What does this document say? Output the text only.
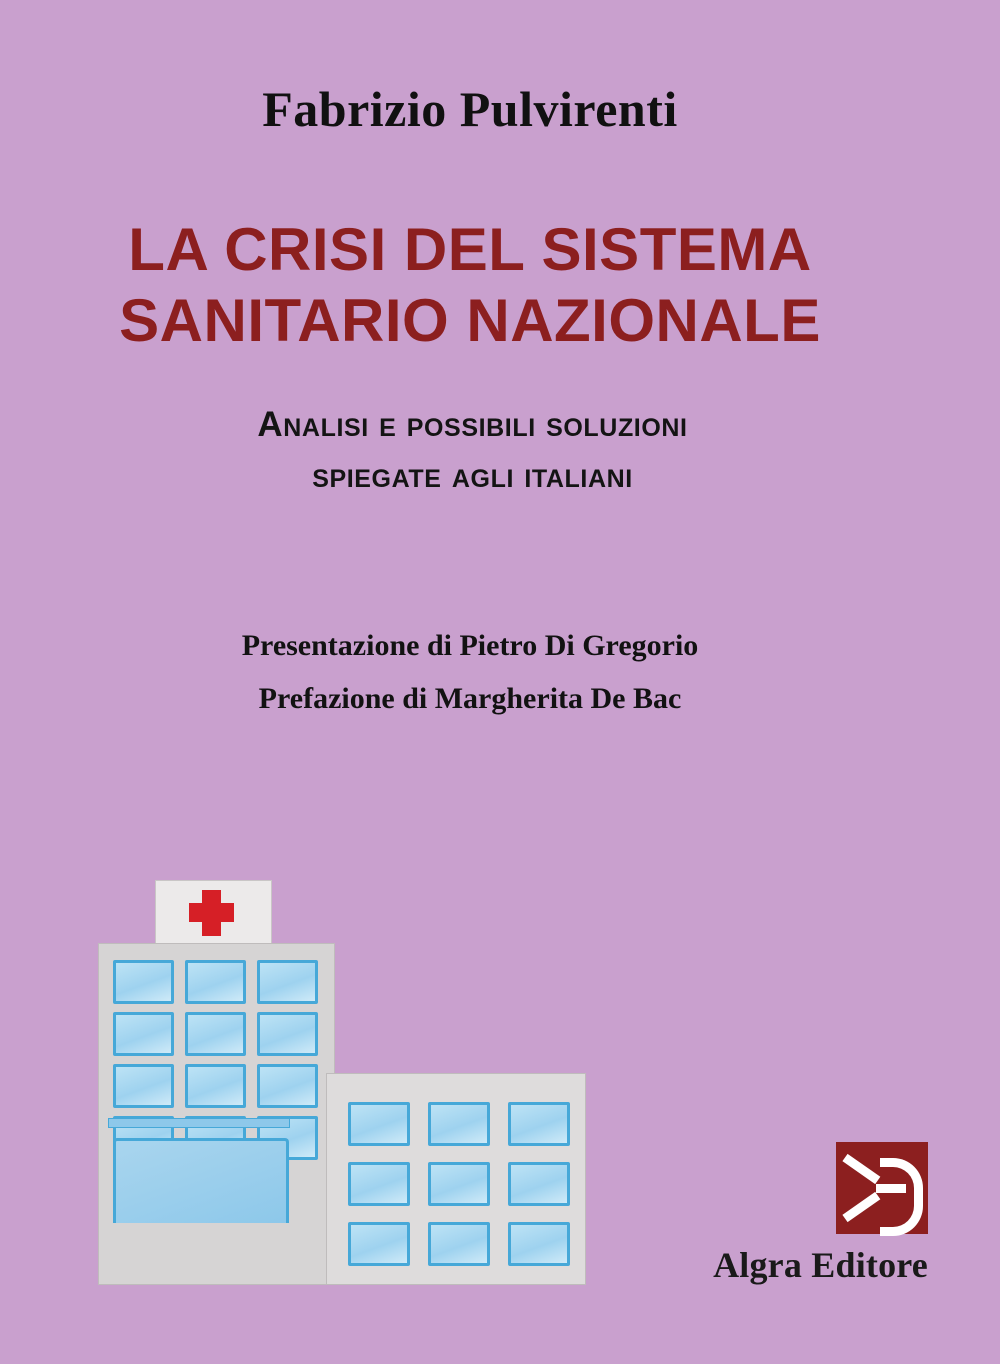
Fabrizio Pulvirenti
LA CRISI DEL SISTEMA
SANITARIO NAZIONALE
Analisi e possibili soluzioni
spiegate agli italiani
Presentazione di Pietro Di Gregorio
Prefazione di Margherita De Bac
Algra Editore
